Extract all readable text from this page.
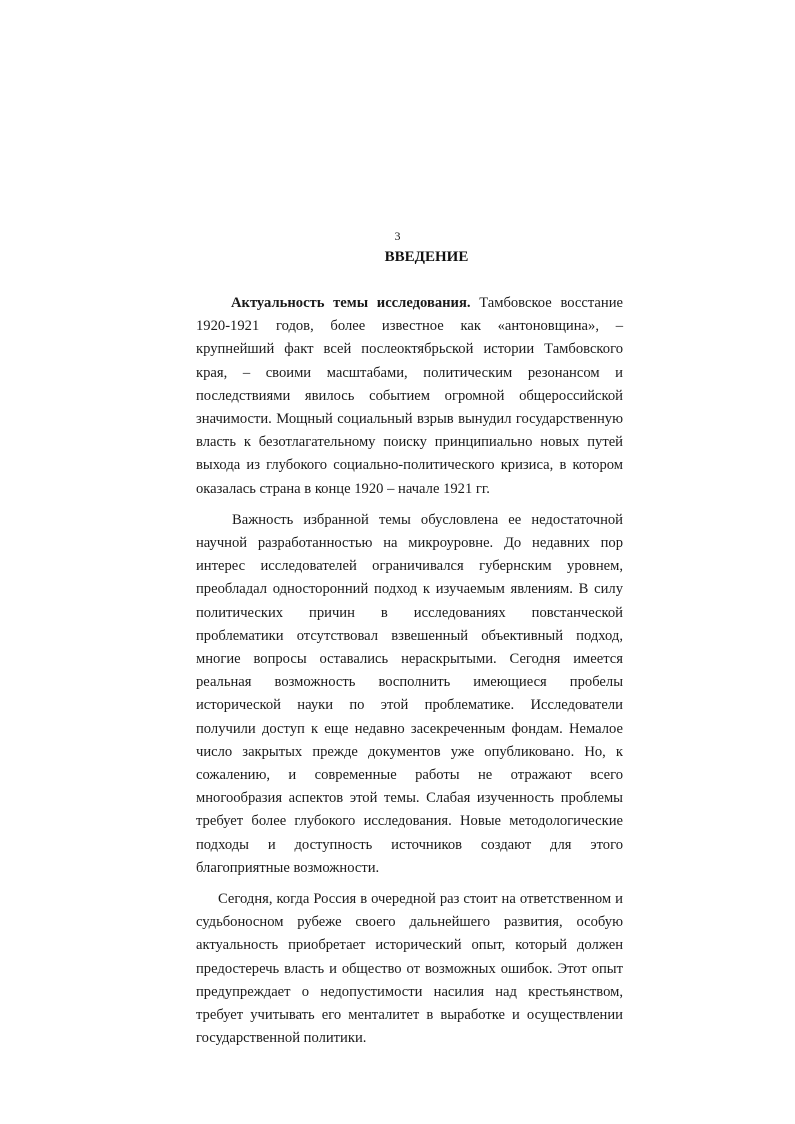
3
ВВЕДЕНИЕ

Актуальность темы исследования. Тамбовское восстание 1920-1921 годов, более известное как «антоновщина», – крупнейший факт всей послеоктябрьской истории Тамбовского края, – своими масштабами, политическим резонансом и последствиями явилось событием огромной общероссийской значимости. Мощный социальный взрыв вынудил государственную власть к безотлагательному поиску принципиально новых путей выхода из глубокого социально-политического кризиса, в котором оказалась страна в конце 1920 – начале 1921 гг.

Важность избранной темы обусловлена ее недостаточной научной разработанностью на микроуровне. До недавних пор интерес исследователей ограничивался губернским уровнем, преобладал односторонний подход к изучаемым явлениям. В силу политических причин в исследованиях повстанческой проблематики отсутствовал взвешенный объективный подход, многие вопросы оставались нераскрытыми. Сегодня имеется реальная возможность восполнить имеющиеся пробелы исторической науки по этой проблематике. Исследователи получили доступ к еще недавно засекреченным фондам. Немалое число закрытых прежде документов уже опубликовано. Но, к сожалению, и современные работы не отражают всего многообразия аспектов этой темы. Слабая изученность проблемы требует более глубокого исследования. Новые методологические подходы и доступность источников создают для этого благоприятные возможности.

Сегодня, когда Россия в очередной раз стоит на ответственном и судьбоносном рубеже своего дальнейшего развития, особую актуальность приобретает исторический опыт, который должен предостеречь власть и общество от возможных ошибок. Этот опыт предупреждает о недопустимости насилия над крестьянством, требует учитывать его менталитет в выработке и осуществлении государственной политики.
